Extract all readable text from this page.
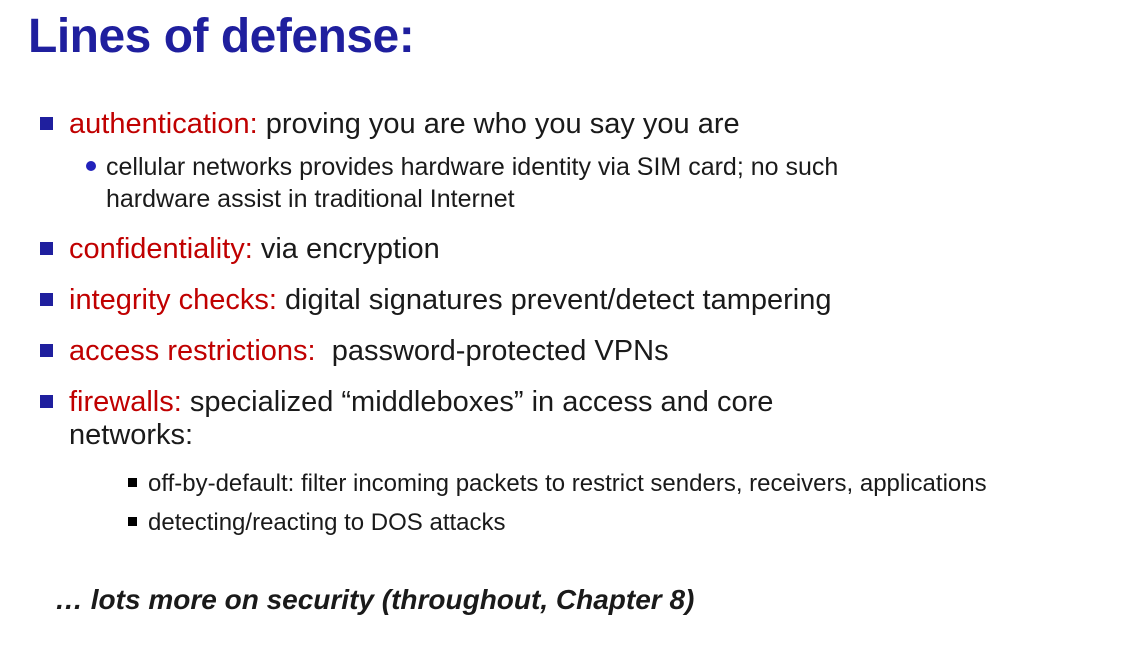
Lines of defense:
authentication: proving you are who you say you are
cellular networks provides hardware identity via SIM card; no such hardware assist in traditional Internet
confidentiality: via encryption
integrity checks: digital signatures prevent/detect tampering
access restrictions:  password-protected VPNs
firewalls: specialized “middleboxes” in access and core networks:
off-by-default: filter incoming packets to restrict senders, receivers, applications
detecting/reacting to DOS attacks
… lots more on security (throughout, Chapter 8)
